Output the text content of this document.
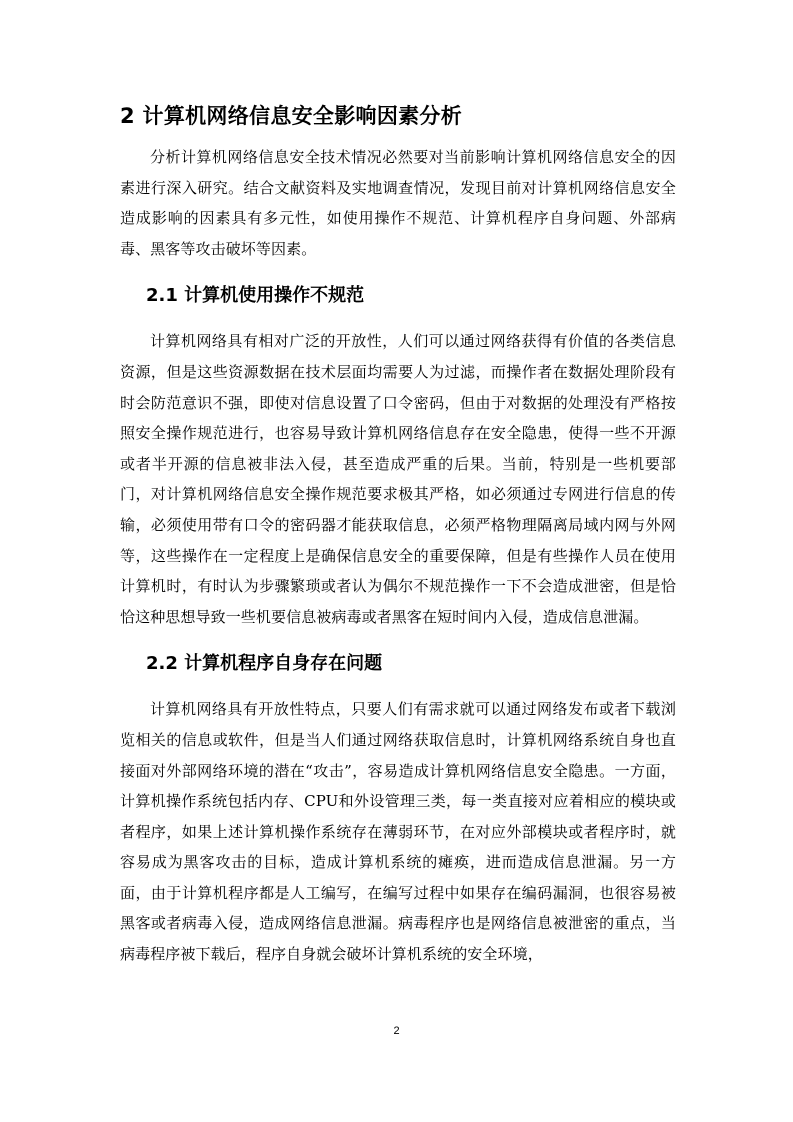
2 计算机网络信息安全影响因素分析

分析计算机网络信息安全技术情况必然要对当前影响计算机网络信息安全的因素进行深入研究。结合文献资料及实地调查情况，发现目前对计算机网络信息安全造成影响的因素具有多元性，如使用操作不规范、计算机程序自身问题、外部病毒、黑客等攻击破坏等因素。

2.1 计算机使用操作不规范

计算机网络具有相对广泛的开放性，人们可以通过网络获得有价值的各类信息资源，但是这些资源数据在技术层面均需要人为过滤，而操作者在数据处理阶段有时会防范意识不强，即使对信息设置了口令密码，但由于对数据的处理没有严格按照安全操作规范进行，也容易导致计算机网络信息存在安全隐患，使得一些不开源或者半开源的信息被非法入侵，甚至造成严重的后果。当前，特别是一些机要部门，对计算机网络信息安全操作规范要求极其严格，如必须通过专网进行信息的传输，必须使用带有口令的密码器才能获取信息，必须严格物理隔离局域内网与外网等，这些操作在一定程度上是确保信息安全的重要保障，但是有些操作人员在使用计算机时，有时认为步骤繁琐或者认为偶尔不规范操作一下不会造成泄密，但是恰恰这种思想导致一些机要信息被病毒或者黑客在短时间内入侵，造成信息泄漏。

2.2 计算机程序自身存在问题

计算机网络具有开放性特点，只要人们有需求就可以通过网络发布或者下载浏览相关的信息或软件，但是当人们通过网络获取信息时，计算机网络系统自身也直接面对外部网络环境的潜在“攻击”，容易造成计算机网络信息安全隐患。一方面，计算机操作系统包括内存、CPU和外设管理三类，每一类直接对应着相应的模块或者程序，如果上述计算机操作系统存在薄弱环节，在对应外部模块或者程序时，就容易成为黑客攻击的目标，造成计算机系统的瘫痪，进而造成信息泄漏。另一方面，由于计算机程序都是人工编写，在编写过程中如果存在编码漏洞，也很容易被黑客或者病毒入侵，造成网络信息泄漏。病毒程序也是网络信息被泄密的重点，当病毒程序被下载后，程序自身就会破坏计算机系统的安全环境，

2
